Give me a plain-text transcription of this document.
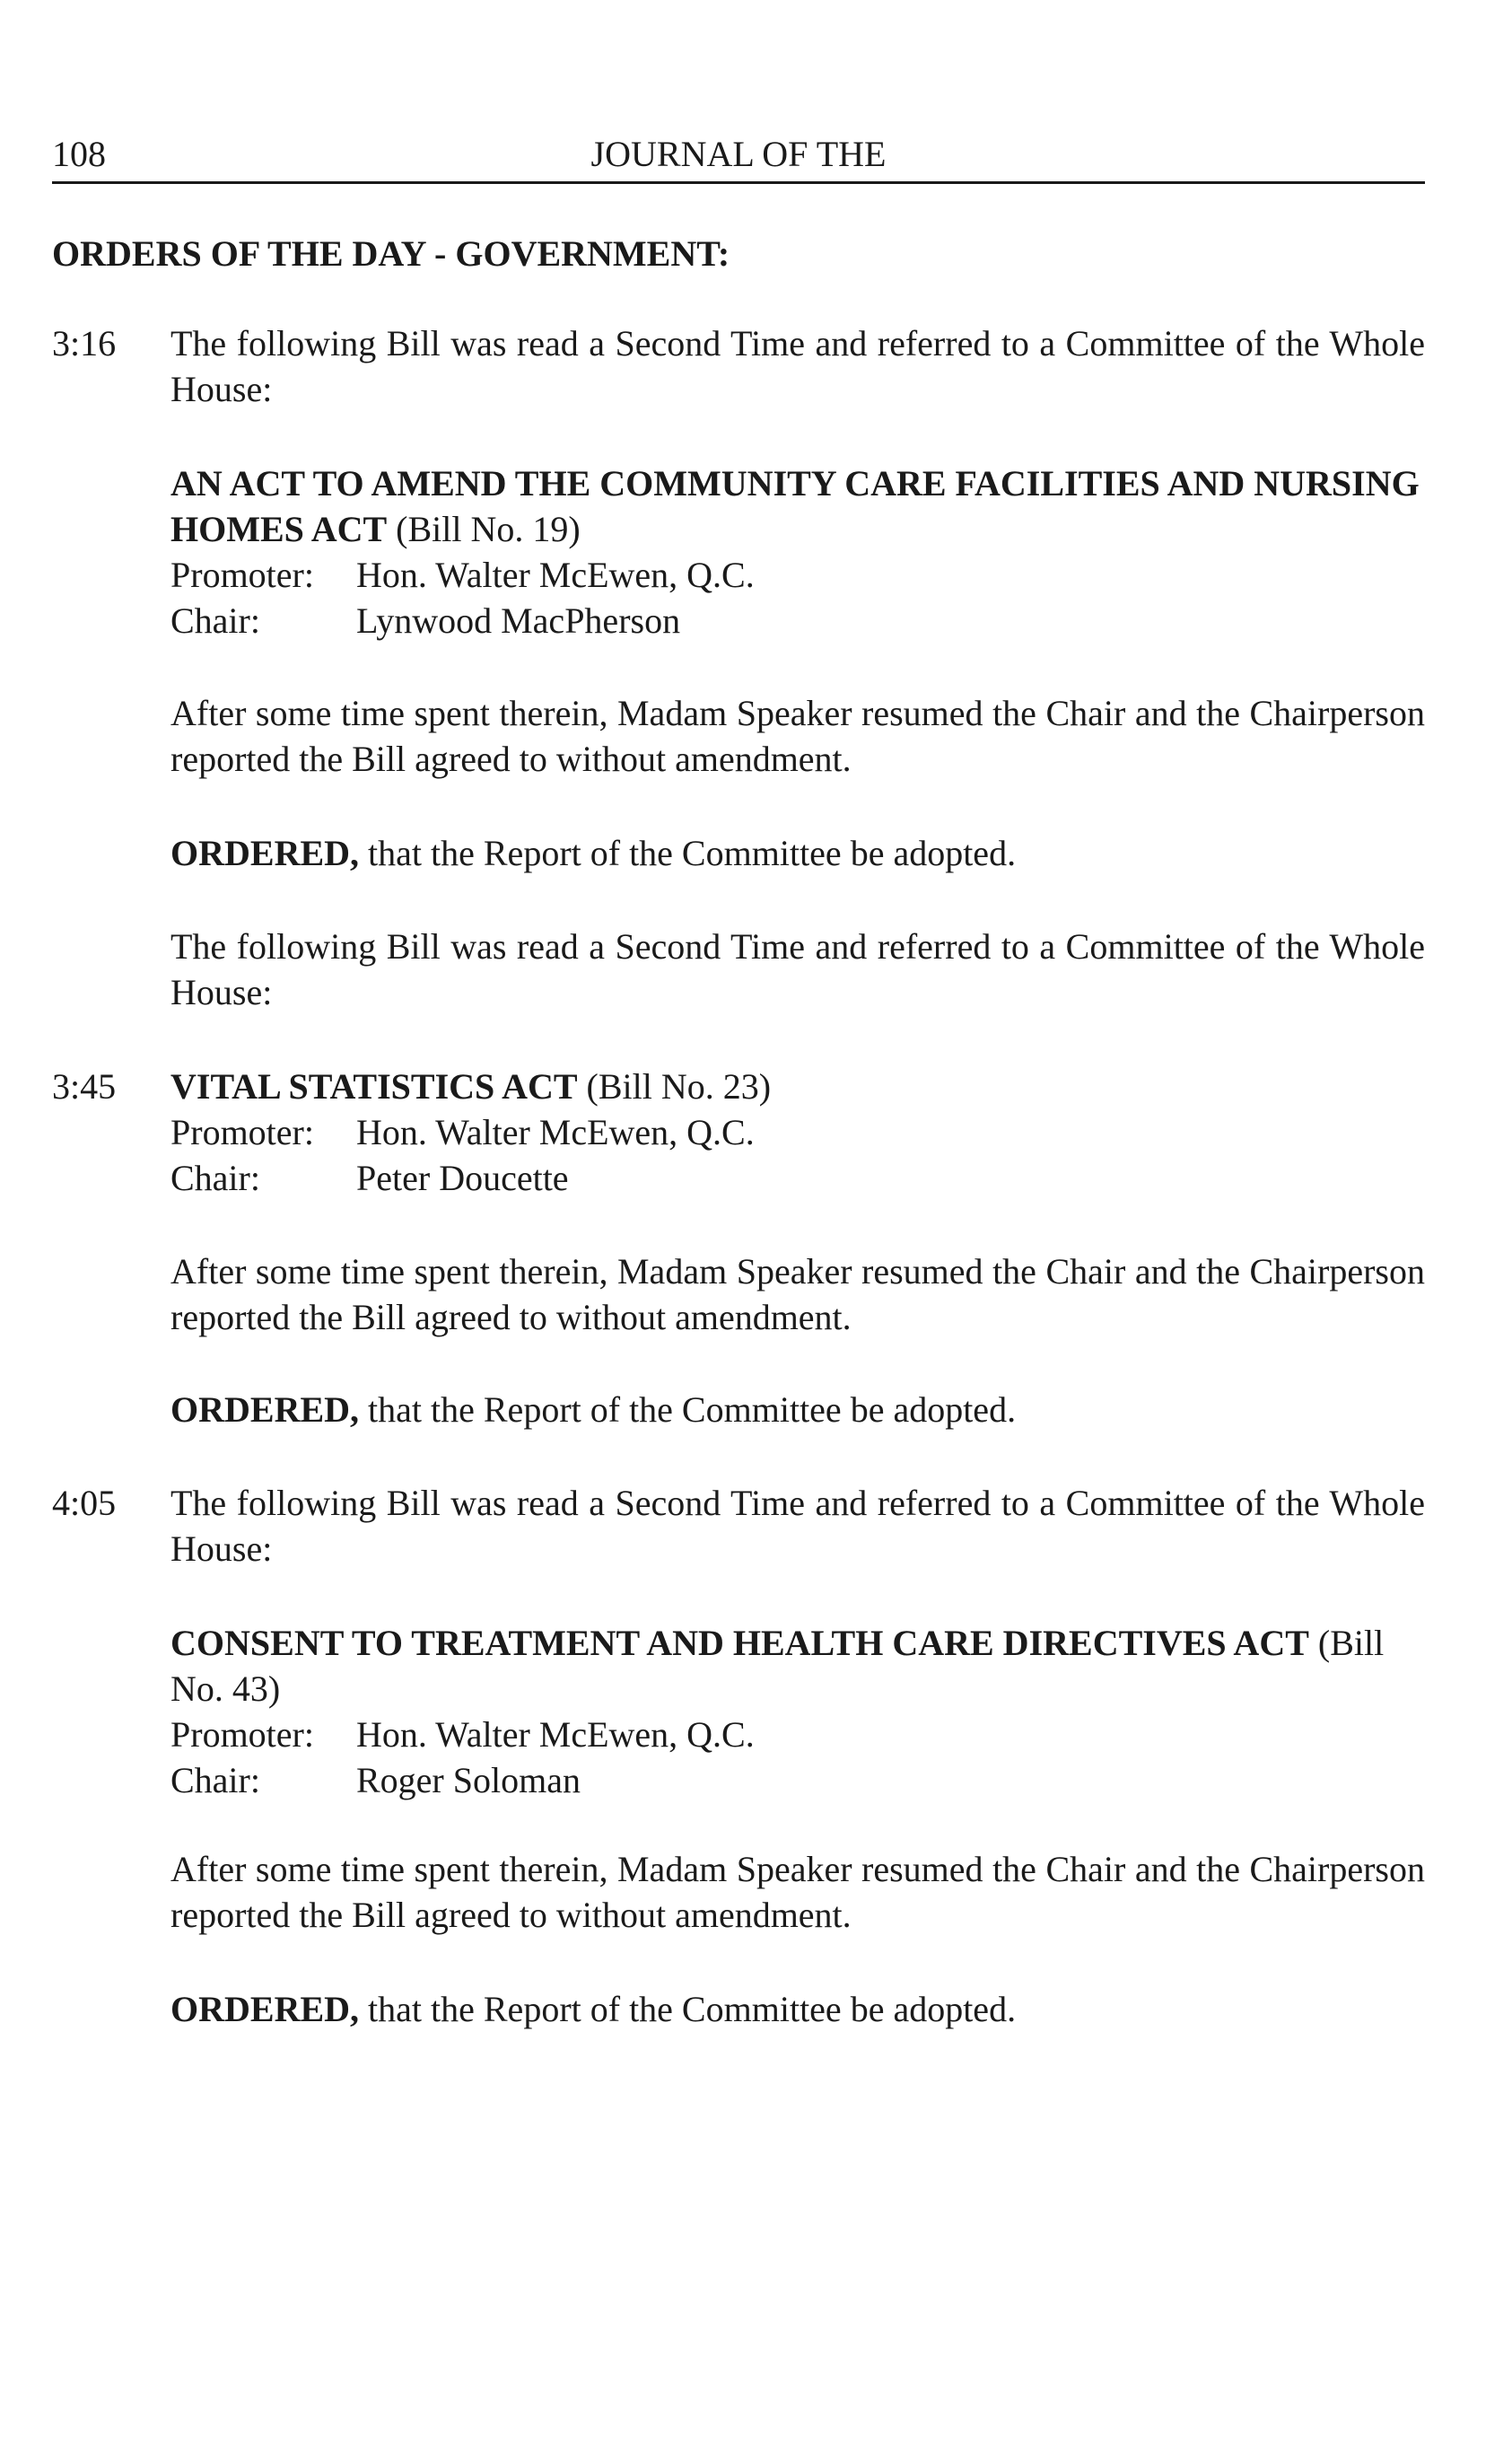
108	JOURNAL OF THE
ORDERS OF THE DAY - GOVERNMENT:
3:16 The following Bill was read a Second Time and referred to a Committee of the Whole House:
AN ACT TO AMEND THE COMMUNITY CARE FACILITIES AND NURSING HOMES ACT (Bill No. 19)
Promoter:	Hon. Walter McEwen, Q.C.
Chair:	Lynwood MacPherson
After some time spent therein, Madam Speaker resumed the Chair and the Chairperson reported the Bill agreed to without amendment.
ORDERED, that the Report of the Committee be adopted.
The following Bill was read a Second Time and referred to a Committee of the Whole House:
3:45 VITAL STATISTICS ACT (Bill No. 23)
Promoter:	Hon. Walter McEwen, Q.C.
Chair:	Peter Doucette
After some time spent therein, Madam Speaker resumed the Chair and the Chairperson reported the Bill agreed to without amendment.
ORDERED, that the Report of the Committee be adopted.
4:05 The following Bill was read a Second Time and referred to a Committee of the Whole House:
CONSENT TO TREATMENT AND HEALTH CARE DIRECTIVES ACT (Bill No. 43)
Promoter:	Hon. Walter McEwen, Q.C.
Chair:	Roger Soloman
After some time spent therein, Madam Speaker resumed the Chair and the Chairperson reported the Bill agreed to without amendment.
ORDERED, that the Report of the Committee be adopted.
